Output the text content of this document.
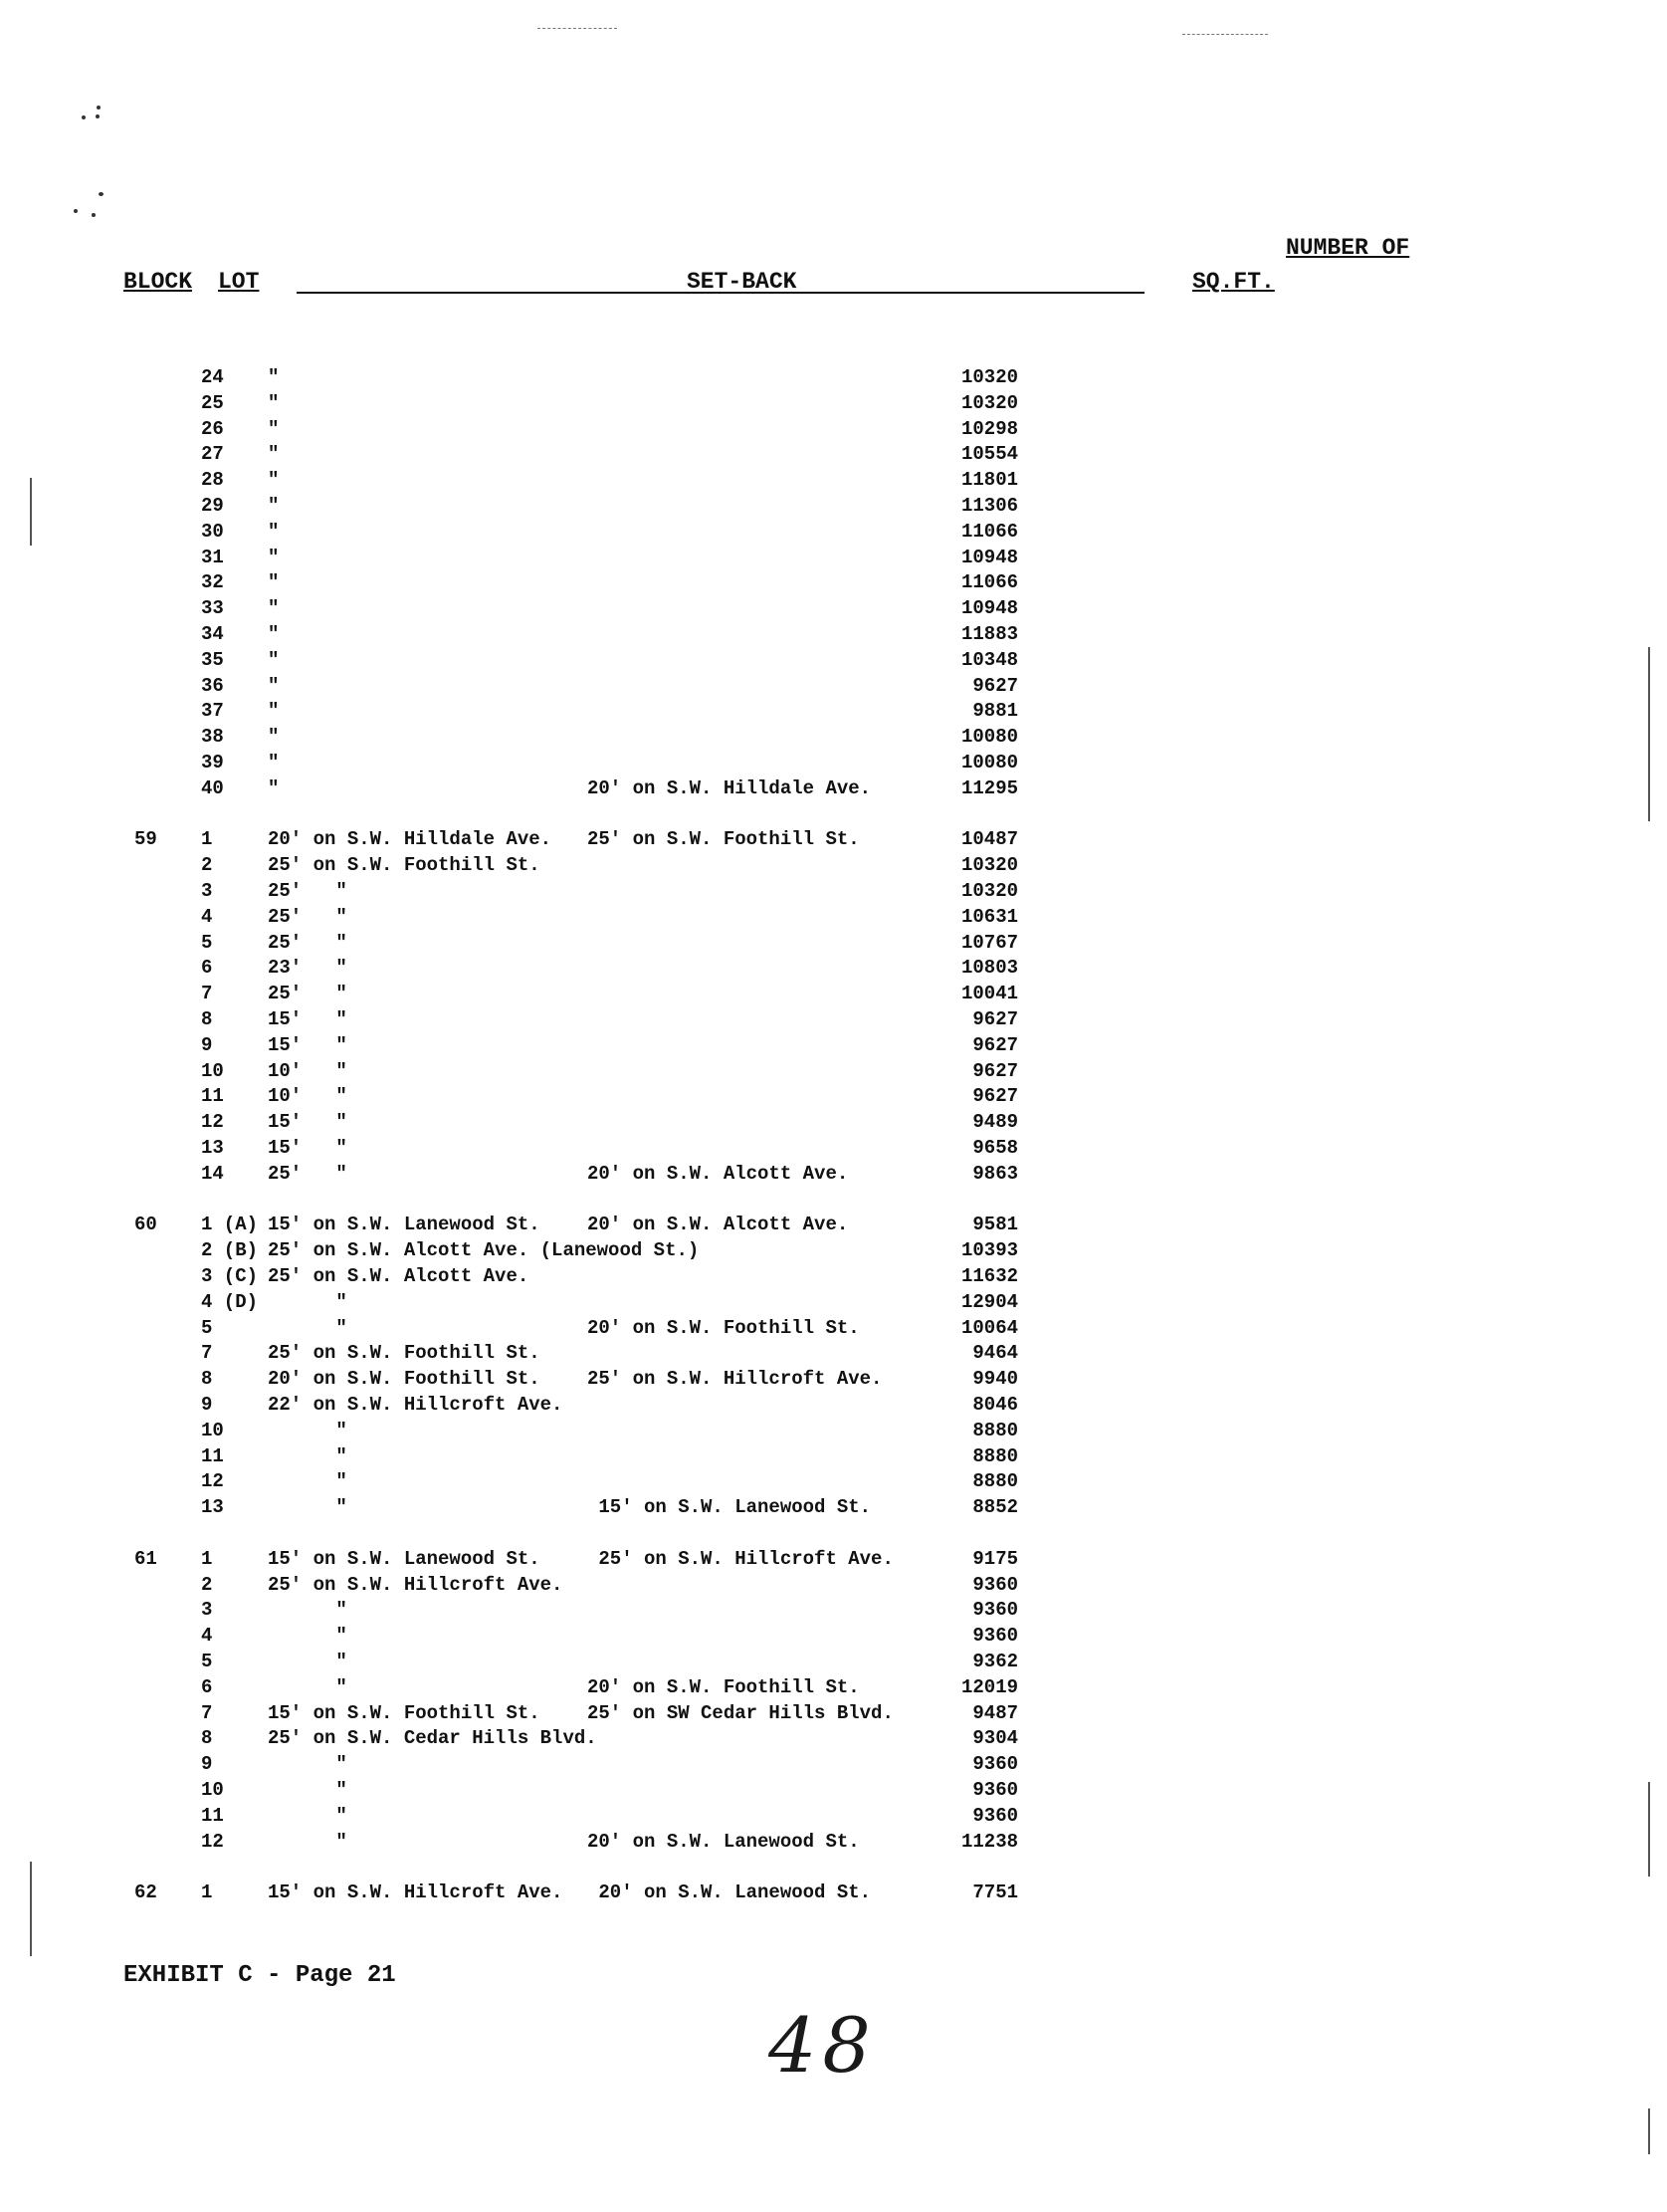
BLOCK LOT	SET-BACK
NUMBER OF
SQ.FT.
24 "	10320
25 "	10320
26 "	10298
27 "	10554
28 "	11801
29 "	11306
30 "	11066
31 "	10948
32 "	11066
33 "	10948
34 "	11883
35 "	10348
36 "	9627
37 "	9881
38 "	10080
39 "	10080
40 "	20' on S.W. Hilldale Ave.	11295
59 1	20' on S.W. Hilldale Ave. 25' on S.W. Foothill St.	10487
2	25' on S.W. Foothill St.	10320
3	25'   "	10320
4	25'   "	10631
5	25'   "	10767
6	23'   "	10803
7	25'   "	10041
8	15'   "	9627
9	15'   "	9627
10 10'   "	9627
11 10'   "	9627
12 15'   "	9489
13 15'   "	9658
14 25'   "	20' on S.W. Alcott Ave.	9863
60 1 (A) 15' on S.W. Lanewood St. 20' on S.W. Alcott Ave.	9581
2 (B) 25' on S.W. Alcott Ave. (Lanewood St.)	10393
3 (C) 25' on S.W. Alcott Ave.	11632
4 (D) "	12904
5	"	20' on S.W. Foothill St.	10064
7	25' on S.W. Foothill St.	9464
8	20' on S.W. Foothill St. 25' on S.W. Hillcroft Ave.	9940
9	22' on S.W. Hillcroft Ave.	8046
10 "	8880
11 "	8880
12 "	8880
13 "	15' on S.W. Lanewood St.	8852
61 1	15' on S.W. Lanewood St. 25' on S.W. Hillcroft Ave.	9175
2	25' on S.W. Hillcroft Ave.	9360
3	"	9360
4	"	9360
5	"	9362
6	"	20' on S.W. Foothill St.	12019
7	15' on S.W. Foothill St. 25' on SW Cedar Hills Blvd.	9487
8	25' on S.W. Cedar Hills Blvd.	9304
9	"	9360
10 "	9360
11 "	9360
12 "	20' on S.W. Lanewood St.	11238
62 1	15' on S.W. Hillcroft Ave. 20' on S.W. Lanewood St.	7751
EXHIBIT C - Page 21
48
